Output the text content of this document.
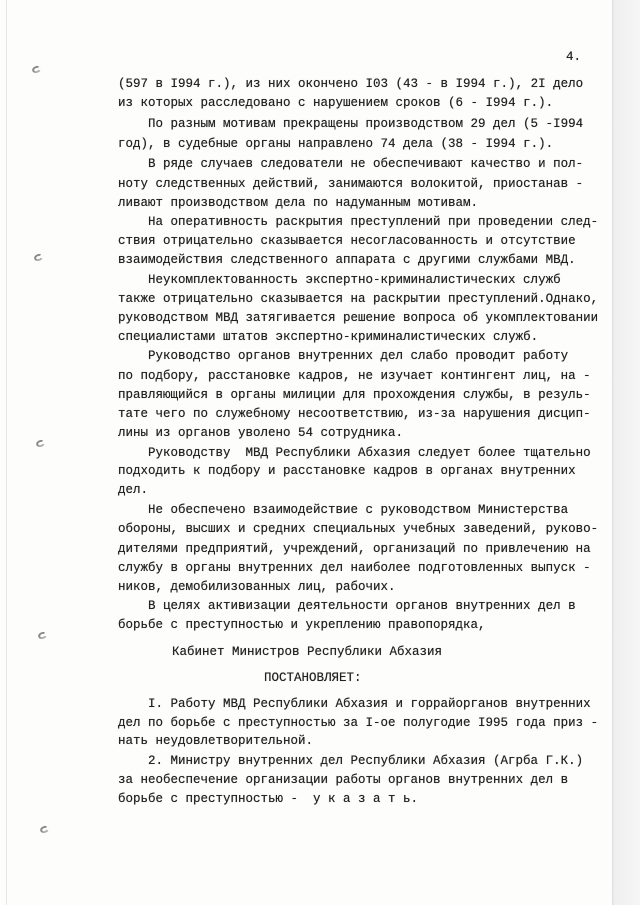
4.
(597 в I994 г.), из них окончено I03 (43 - в I994 г.), 2I дело
из которых расследовано с нарушением сроков (6 - I994 г.).
По разным мотивам прекращены производством 29 дел (5 -I994
год), в судебные органы направлено 74 дела (38 - I994 г.).
В ряде случаев следователи не обеспечивают качество и пол-
ноту следственных действий, занимаются волокитой, приостанав -
ливают производством дела по надуманным мотивам.
На оперативность раскрытия преступлений при проведении след-
ствия отрицательно сказывается несогласованность и отсутствие
взаимодействия следственного аппарата с другими службами МВД.
Неукомплектованность экспертно-криминалистических служб
также отрицательно сказывается на раскрытии преступлений.Однако,
руководством МВД затягивается решение вопроса об укомплектовании
специалистами штатов экспертно-криминалистических служб.
Руководство органов внутренних дел слабо проводит работу
по подбору, расстановке кадров, не изучает контингент лиц, на -
правляющийся в органы милиции для прохождения службы, в резуль-
тате чего по служебному несоответствию, из-за нарушения дисцип-
лины из органов уволено 54 сотрудника.
Руководству  МВД Республики Абхазия следует более тщательно
подходить к подбору и расстановке кадров в органах внутренних
дел.
Не обеспечено взаимодействие с руководством Министерства
обороны, высших и средних специальных учебных заведений, руково-
дителями предприятий, учреждений, организаций по привлечению на
службу в органы внутренних дел наиболее подготовленных выпуск -
ников, демобилизованных лиц, рабочих.
В целях активизации деятельности органов внутренних дел в
борьбе с преступностью и укреплению правопорядка,
Кабинет Министров Республики Абхазия
ПОСТАНОВЛЯЕТ:
I. Работу МВД Республики Абхазия и горрайорганов внутренних
дел по борьбе с преступностью за I-ое полугодие I995 года приз -
нать неудовлетворительной.
2. Министру внутренних дел Республики Абхазия (Агрба Г.К.)
за необеспечение организации работы органов внутренних дел в
борьбе с преступностью -  у к а з а т ь.
